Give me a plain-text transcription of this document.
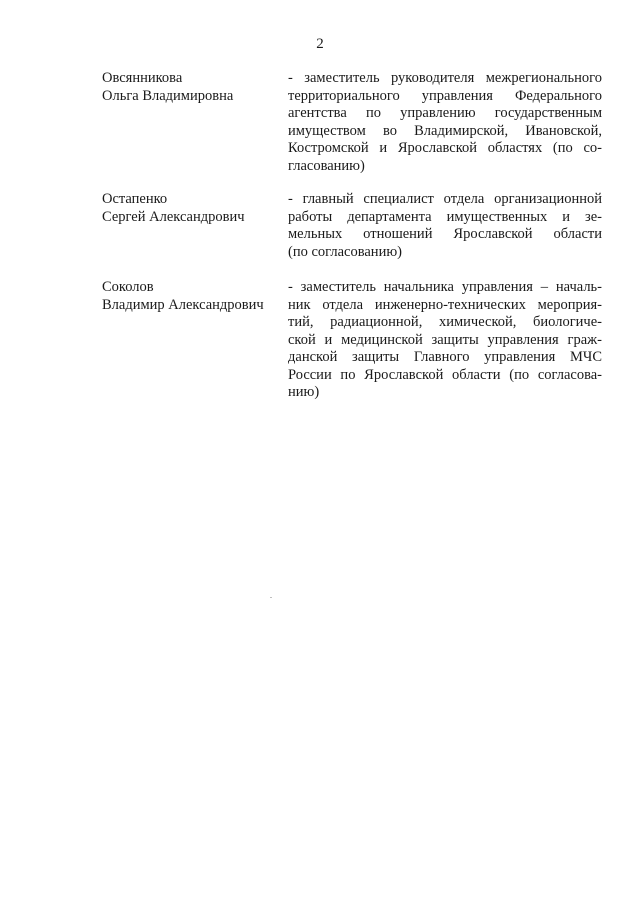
2
Овсянникова
Ольга Владимировна
- заместитель руководителя межрегионального
территориального управления Федерального
агентства по управлению государственным
имуществом во Владимирской, Ивановской,
Костромской и Ярославской областях (по со-
гласованию)
Остапенко
Сергей Александрович
- главный специалист отдела организационной
работы департамента имущественных и зе-
мельных отношений Ярославской области
(по согласованию)
Соколов
Владимир Александрович
- заместитель начальника управления – началь-
ник отдела инженерно-технических мероприя-
тий, радиационной, химической, биологиче-
ской и медицинской защиты управления граж-
данской защиты Главного управления МЧС
России по Ярославской области (по согласова-
нию)
